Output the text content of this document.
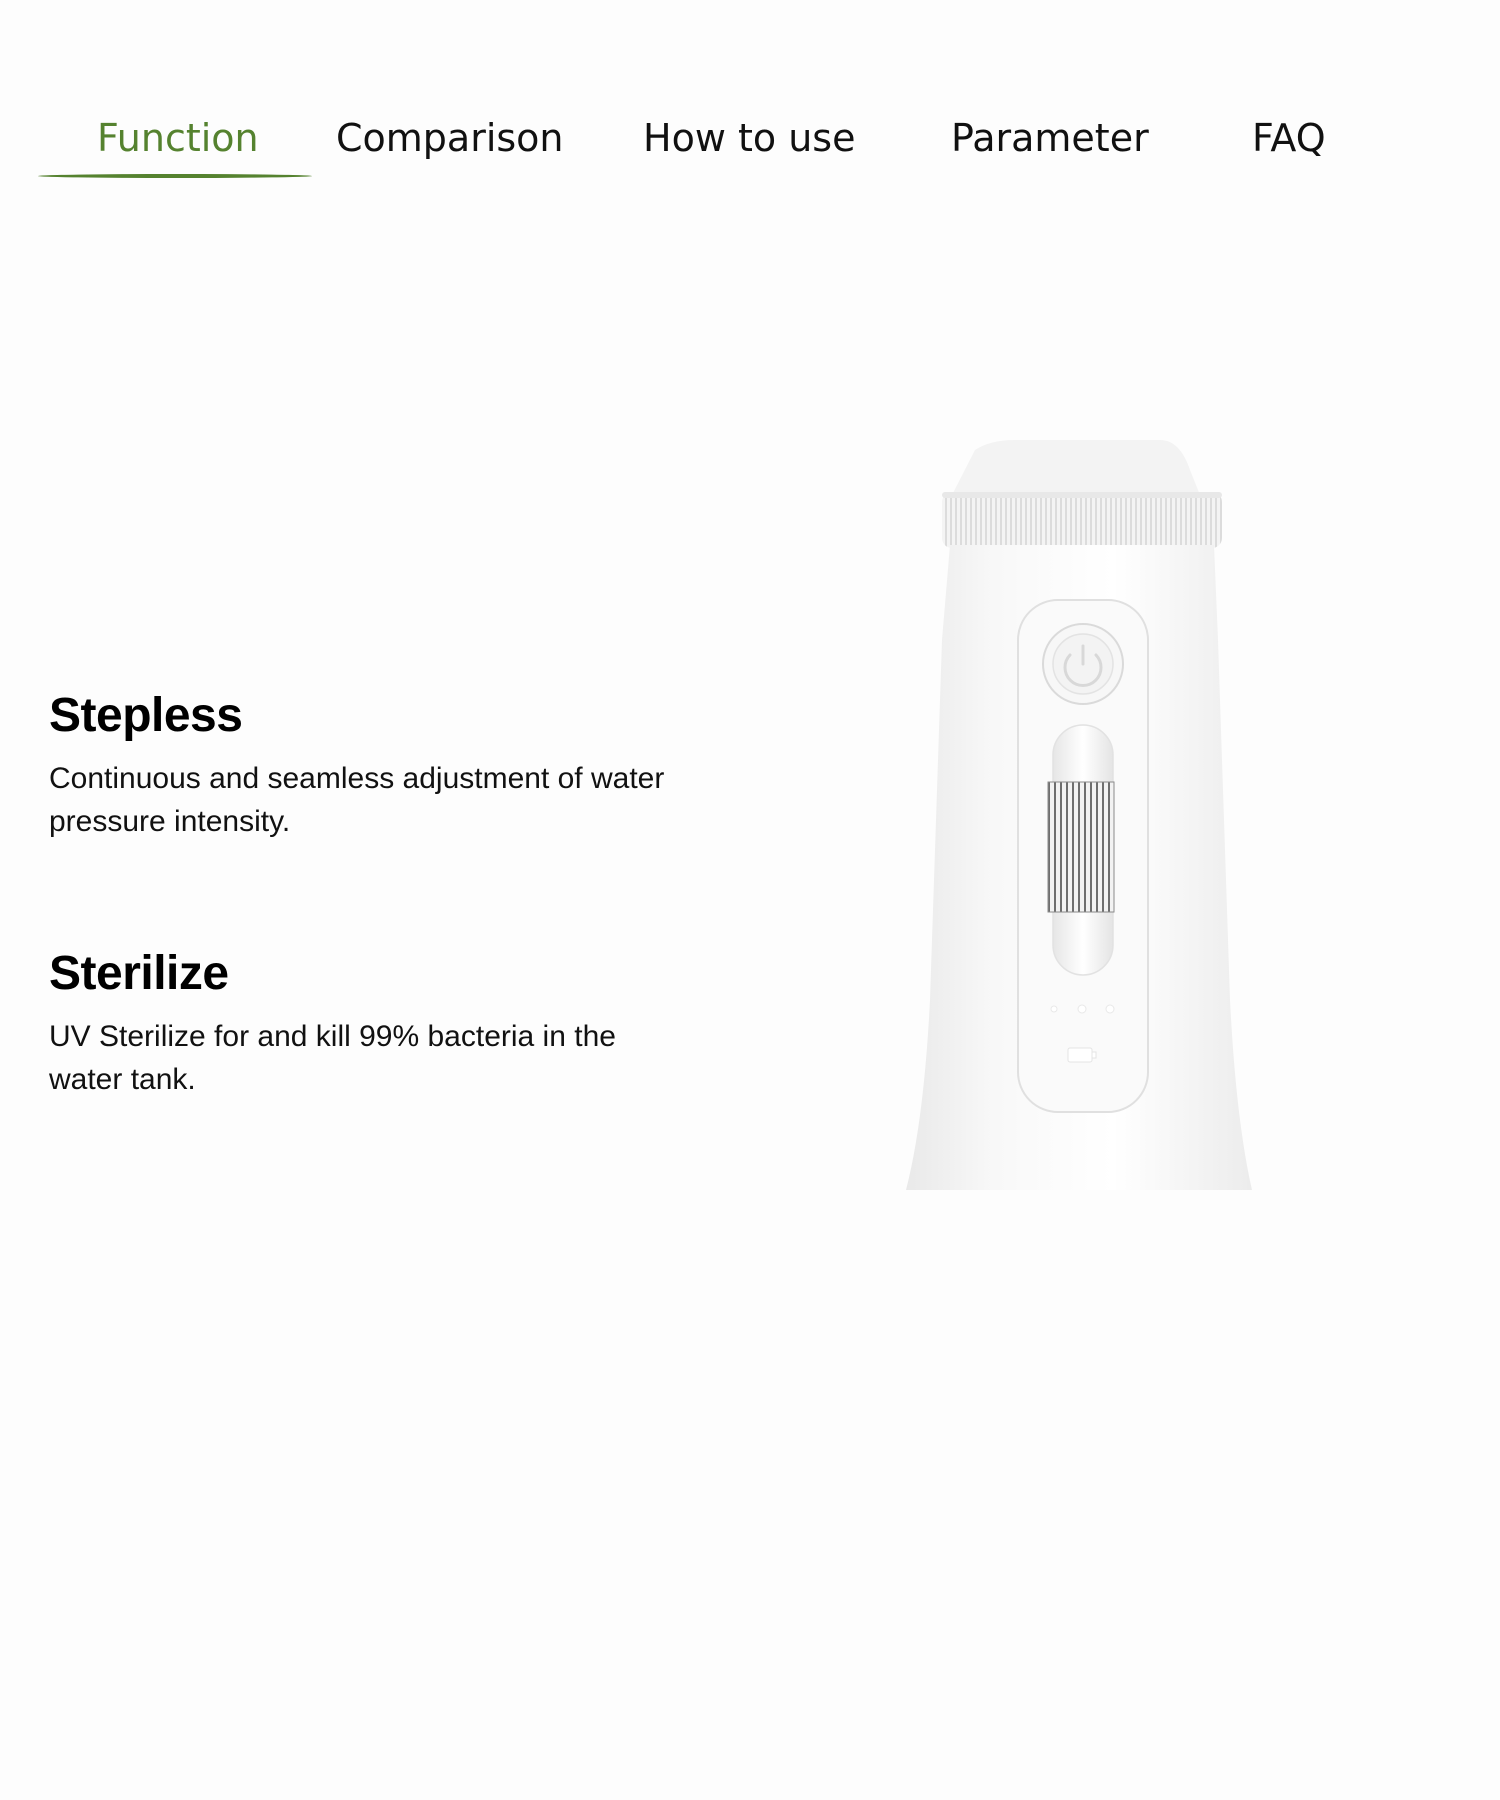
Function Comparison How to use	Parameter	FAQ
Stepless

Continuous and seamless adjustment of water pressure intensity.

Sterilize

UV Sterilize for and kill 99% bacteria in the water tank.
